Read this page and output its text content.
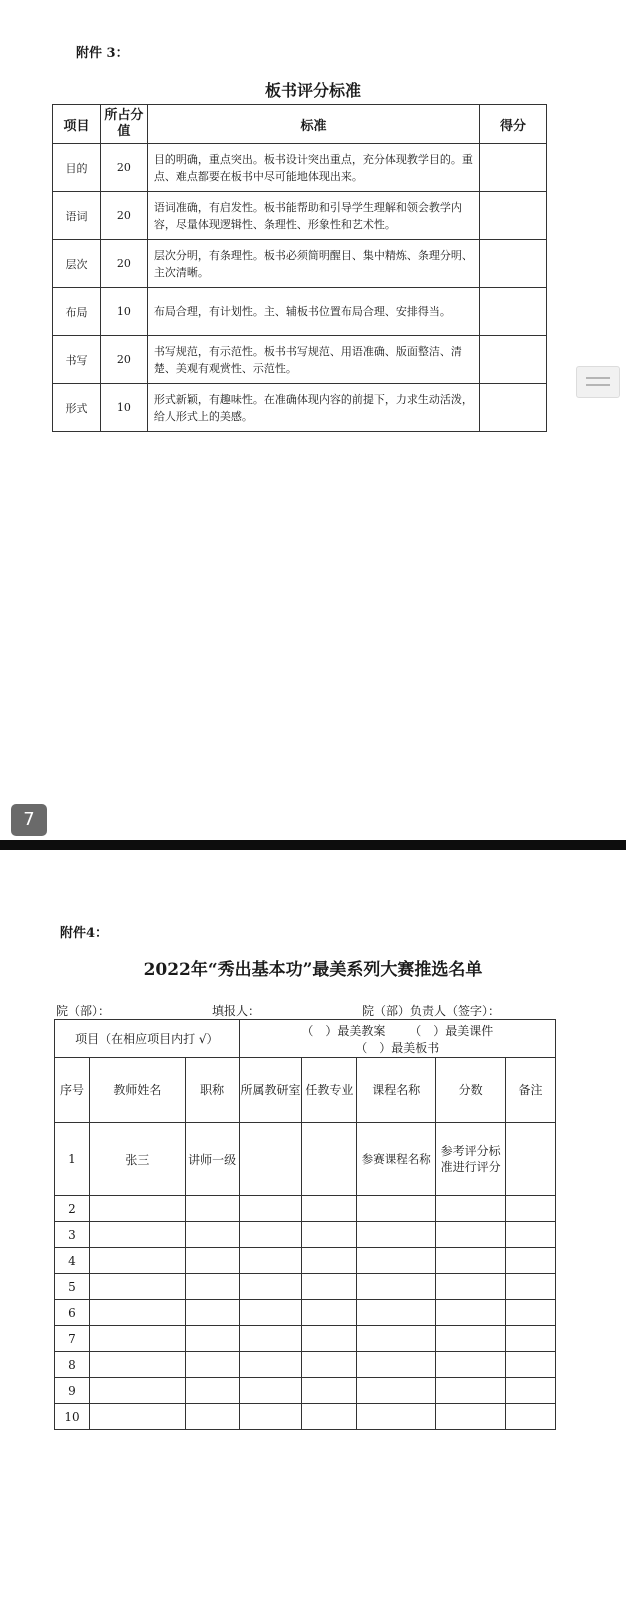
附件 3：
板书评分标准
项目	所占分值	标准	得分
目的	20	目的明确，重点突出。板书设计突出重点，充分体现教学目的。重点、难点都要在板书中尽可能地体现出来。	
语词	20	语词准确，有启发性。板书能帮助和引导学生理解和领会教学内容，尽量体现逻辑性、条理性、形象性和艺术性。	
层次	20	层次分明，有条理性。板书必须简明醒目、集中精炼、条理分明、主次清晰。	
布局	10	布局合理，有计划性。主、辅板书位置布局合理、安排得当。	
书写	20	书写规范，有示范性。板书书写规范、用语准确、版面整洁、清楚、美观有观赏性、示范性。	
形式	10	形式新颖，有趣味性。在准确体现内容的前提下，力求生动活泼，给人形式上的美感。	
7
附件4：
2022年“秀出基本功”最美系列大赛推选名单
院（部）：	填报人：	院（部）负责人（签字）：
项目（在相应项目内打 √）			（　）最美教案 （　）最美课件 （　）最美板书				
序号	教师姓名	职称	所属教研室	任教专业	课程名称	分数	备注
1	张三	讲师一级			参赛课程名称	参考评分标准进行评分	
2							
3							
4							
5							
6							
7							
8							
9							
10							
